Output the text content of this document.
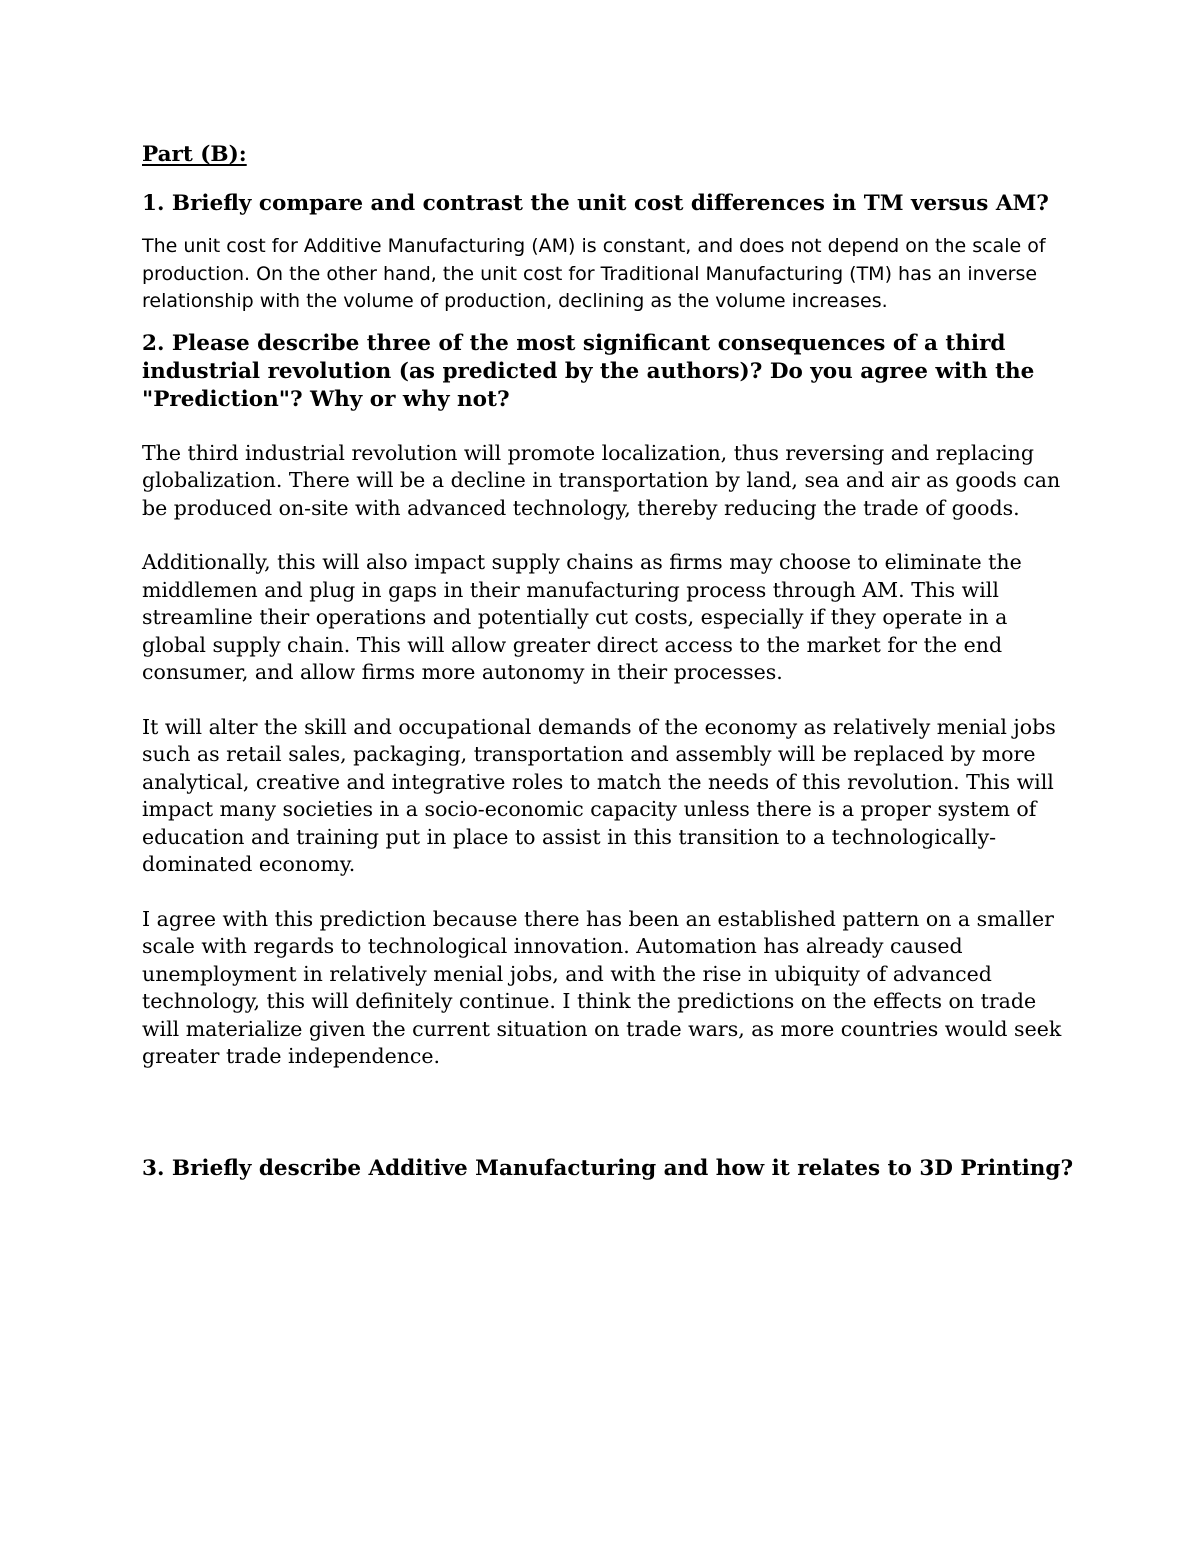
Part (B):

1. Briefly compare and contrast the unit cost differences in TM versus AM?

The unit cost for Additive Manufacturing (AM) is constant, and does not depend on the scale of production. On the other hand, the unit cost for Traditional Manufacturing (TM) has an inverse relationship with the volume of production, declining as the volume increases.

2. Please describe three of the most significant consequences of a third industrial revolution (as predicted by the authors)? Do you agree with the "Prediction"? Why or why not?

The third industrial revolution will promote localization, thus reversing and replacing globalization. There will be a decline in transportation by land, sea and air as goods can be produced on-site with advanced technology, thereby reducing the trade of goods.

Additionally, this will also impact supply chains as firms may choose to eliminate the middlemen and plug in gaps in their manufacturing process through AM. This will streamline their operations and potentially cut costs, especially if they operate in a global supply chain. This will allow greater direct access to the market for the end consumer, and allow firms more autonomy in their processes.

It will alter the skill and occupational demands of the economy as relatively menial jobs such as retail sales, packaging, transportation and assembly will be replaced by more analytical, creative and integrative roles to match the needs of this revolution. This will impact many societies in a socio-economic capacity unless there is a proper system of education and training put in place to assist in this transition to a technologically-dominated economy.

I agree with this prediction because there has been an established pattern on a smaller scale with regards to technological innovation. Automation has already caused unemployment in relatively menial jobs, and with the rise in ubiquity of advanced technology, this will definitely continue. I think the predictions on the effects on trade will materialize given the current situation on trade wars, as more countries would seek greater trade independence.

3. Briefly describe Additive Manufacturing and how it relates to 3D Printing?
